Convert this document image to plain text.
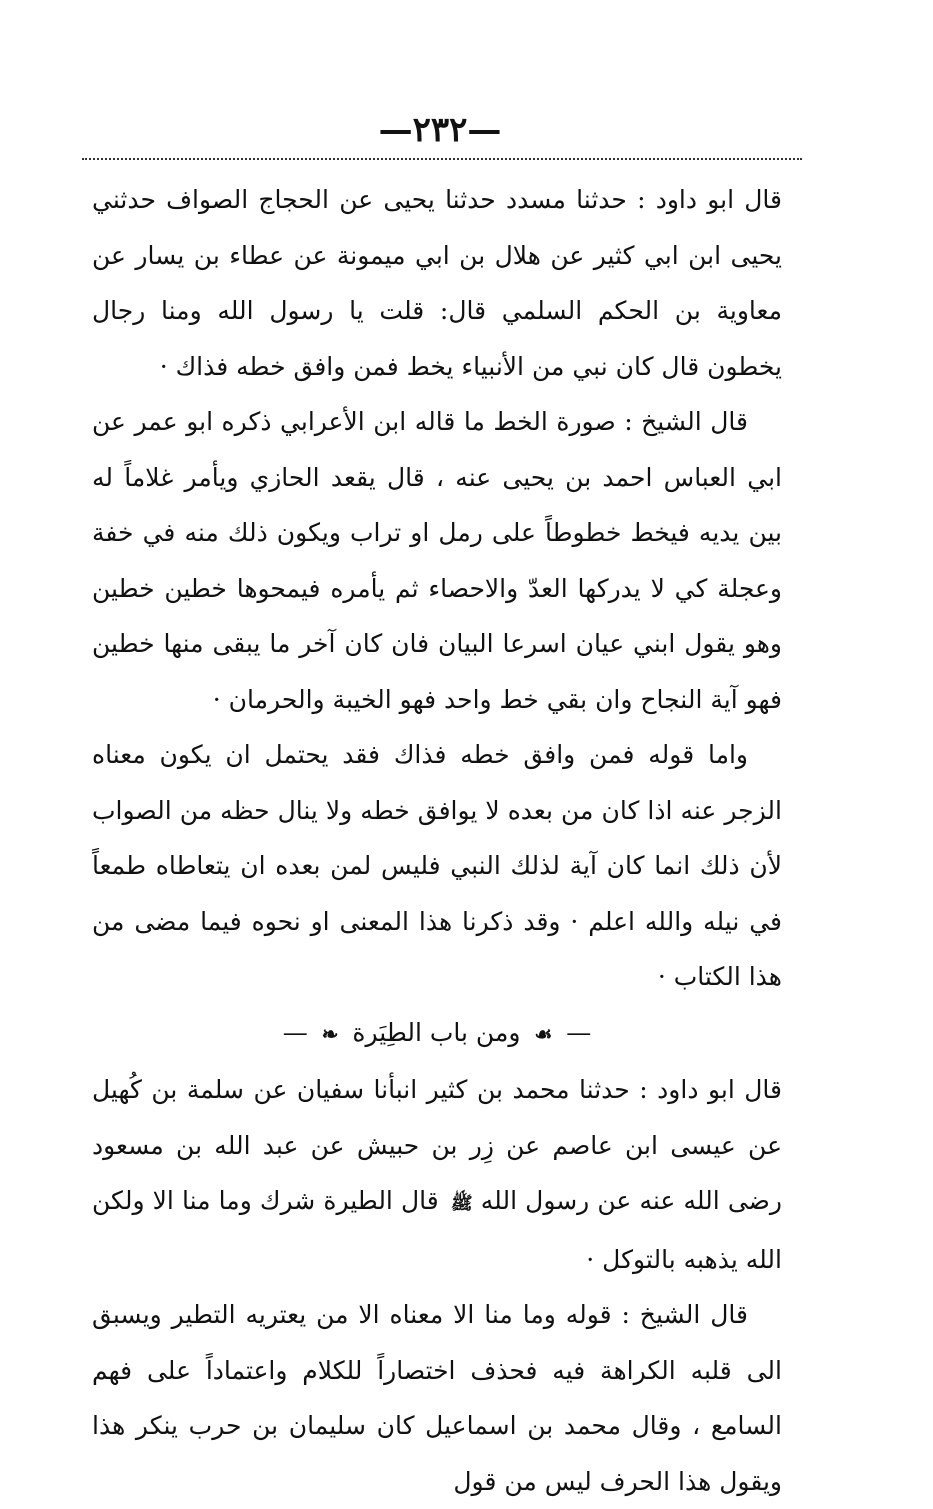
—٢٣٢—

قال ابو داود : حدثنا مسدد حدثنا يحيى عن الحجاج الصواف حدثني يحيى ابن ابي كثير عن هلال بن ابي ميمونة عن عطاء بن يسار عن معاوية بن الحكم السلمي قال: قلت يا رسول الله ومنا رجال يخطون قال كان نبي من الأنبياء يخط فمن وافق خطه فذاك ·

قال الشيخ : صورة الخط ما قاله ابن الأعرابي ذكره ابو عمر عن ابي العباس احمد بن يحيى عنه ، قال يقعد الحازي ويأمر غلاماً له بين يديه فيخط خطوطاً على رمل او تراب ويكون ذلك منه في خفة وعجلة كي لا يدركها العدّ والاحصاء ثم يأمره فيمحوها خطين خطين وهو يقول ابني عيان اسرعا البيان فان كان آخر ما يبقى منها خطين فهو آية النجاح وان بقي خط واحد فهو الخيبة والحرمان ·

واما قوله فمن وافق خطه فذاك فقد يحتمل ان يكون معناه الزجر عنه اذا كان من بعده لا يوافق خطه ولا ينال حظه من الصواب لأن ذلك انما كان آية لذلك النبي فليس لمن بعده ان يتعاطاه طمعاً في نيله والله اعلم · وقد ذكرنا هذا المعنى او نحوه فيما مضى من هذا الكتاب ·

— ☙ ومن باب الطِيَرة ❧ —

قال ابو داود : حدثنا محمد بن كثير انبأنا سفيان عن سلمة بن كُهيل عن عيسى ابن عاصم عن زِر بن حبيش عن عبد الله بن مسعود رضى الله عنه عن رسول الله ﷺ قال الطيرة شرك وما منا الا ولكن الله يذهبه بالتوكل ·

قال الشيخ : قوله وما منا الا معناه الا من يعتريه التطير ويسبق الى قلبه الكراهة فيه فحذف اختصاراً للكلام واعتماداً على فهم السامع ، وقال محمد بن اسماعيل كان سليمان بن حرب ينكر هذا ويقول هذا الحرف ليس من قول
